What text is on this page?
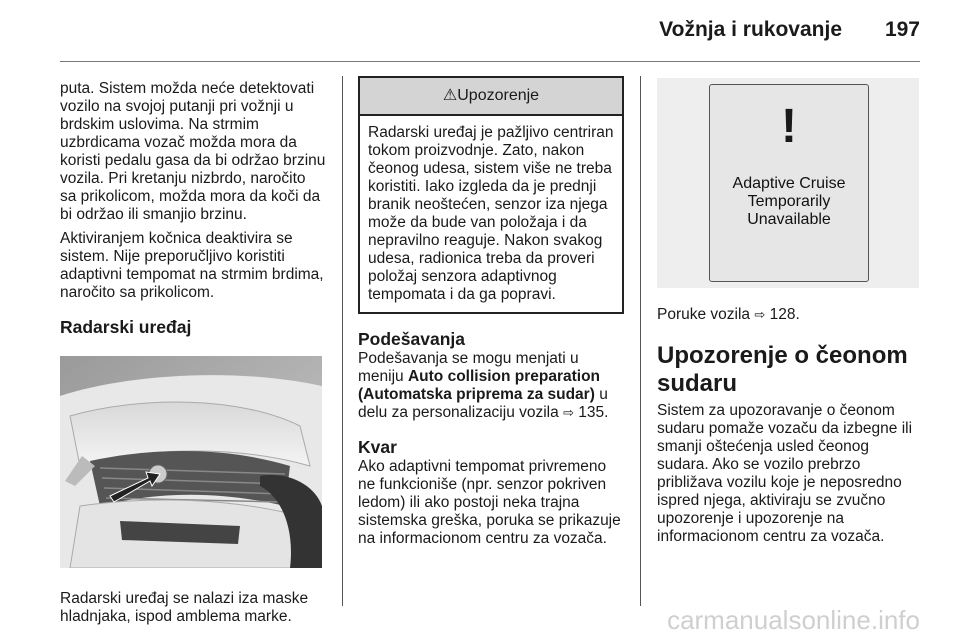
Vožnja i rukovanje 197

puta. Sistem možda neće detektovati vozilo na svojoj putanji pri vožnji u brdskim uslovima. Na strmim uzbrdicama vozač možda mora da koristi pedalu gasa da bi održao brzinu vozila. Pri kretanju nizbrdo, naročito sa prikolicom, možda mora da koči da bi održao ili smanjio brzinu.

Aktiviranjem kočnica deaktivira se sistem. Nije preporučljivo koristiti adaptivni tempomat na strmim brdima, naročito sa prikolicom.

Radarski uređaj
Radarski uređaj se nalazi iza maske hladnjaka, ispod amblema marke.
⚠Upozorenje
Radarski uređaj je pažljivo centriran tokom proizvodnje. Zato, nakon čeonog udesa, sistem više ne treba koristiti. Iako izgleda da je prednji branik neoštećen, senzor iza njega može da bude van položaja i da nepravilno reaguje. Nakon svakog udesa, radionica treba da proveri položaj senzora adaptivnog tempomata i da ga popravi.
Podešavanja
Podešavanja se mogu menjati u meniju Auto collision preparation (Automatska priprema za sudar) u delu za personalizaciju vozila ⇨ 135.
Kvar
Ako adaptivni tempomat privremeno ne funkcioniše (npr. senzor pokriven ledom) ili ako postoji neka trajna sistemska greška, poruka se prikazuje na informacionom centru za vozača.
!
Adaptive Cruise
Temporarily
Unavailable
Poruke vozila ⇨ 128.
Upozorenje o čeonom sudaru
Sistem za upozoravanje o čeonom sudaru pomaže vozaču da izbegne ili smanji oštećenja usled čeonog sudara. Ako se vozilo prebrzo približava vozilu koje je neposredno ispred njega, aktiviraju se zvučno upozorenje i upozorenje na informacionom centru za vozača.
carmanualsonline.info
